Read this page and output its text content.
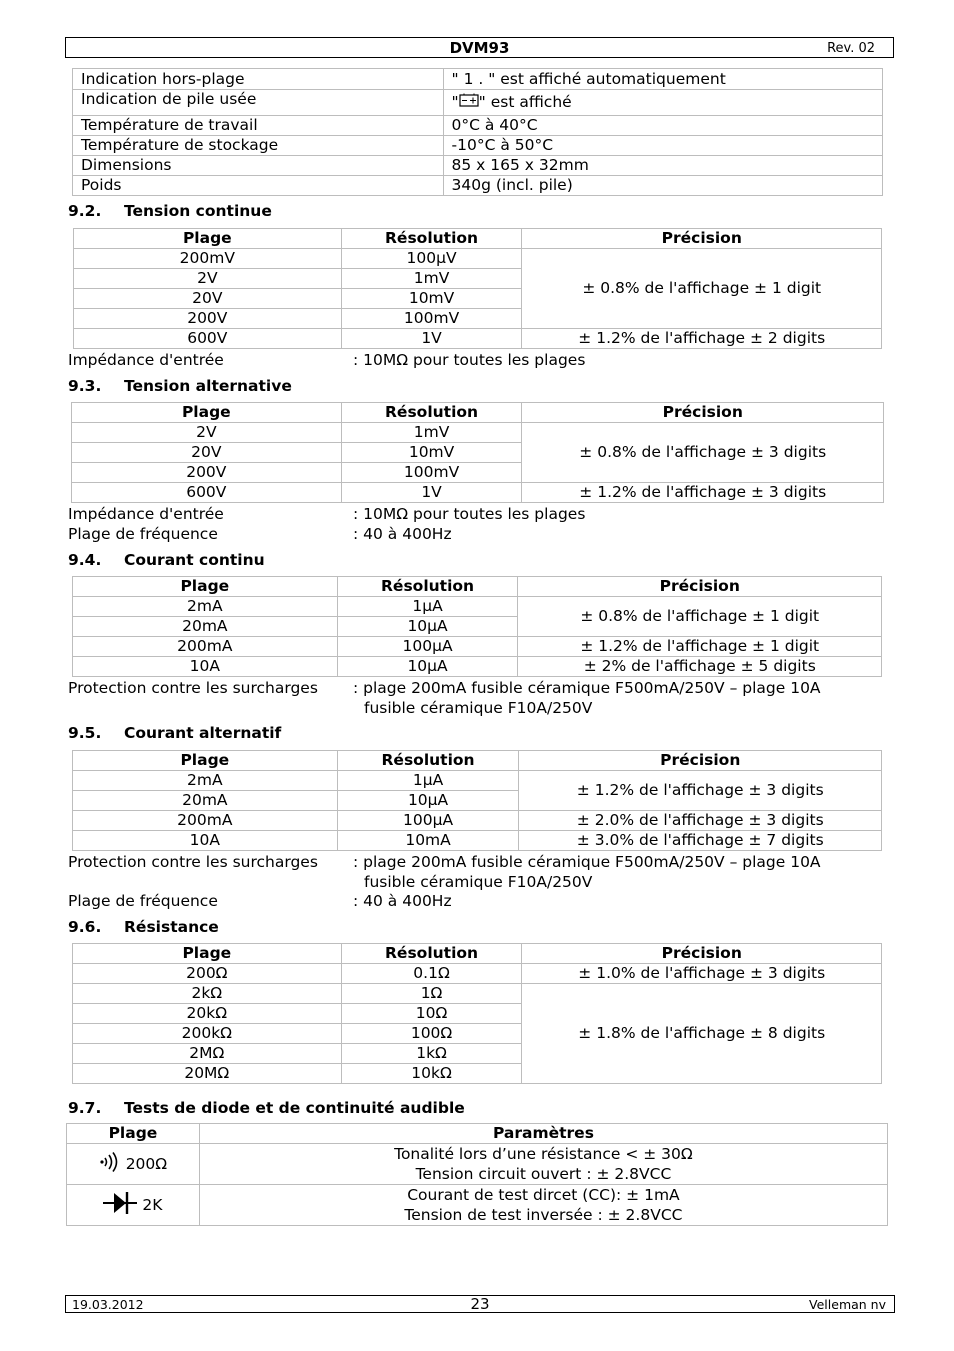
DVM93	Rev. 02
Indication hors-plage	" 1 . " est affiché automatiquement
Indication de pile usée	" " est affiché
Température de travail	0°C à 40°C
Température de stockage	-10°C à 50°C
Dimensions	85 x 165 x 32mm
Poids	340g (incl. pile)
9.2. Tension continue
Plage	Résolution	Précision
200mV	100µV	± 0.8% de l'affichage ± 1 digit
2V	1mV	
20V	10mV	
200V	100mV	
600V	1V	± 1.2% de l'affichage ± 2 digits
Impédance d'entrée	: 10MΩ pour toutes les plages
9.3. Tension alternative
Plage	Résolution	Précision
2V	1mV	± 0.8% de l'affichage ± 3 digits
20V	10mV	
200V	100mV	
600V	1V	± 1.2% de l'affichage ± 3 digits
Impédance d'entrée	: 10MΩ pour toutes les plages
Plage de fréquence	: 40 à 400Hz
9.4. Courant continu
Plage	Résolution	Précision
2mA	1µA	± 0.8% de l'affichage ± 1 digit
20mA	10µA	
200mA	100µA	± 1.2% de l'affichage ± 1 digit
10A	10µA	± 2% de l'affichage ± 5 digits
Protection contre les surcharges : plage 200mA fusible céramique F500mA/250V – plage 10A
fusible céramique F10A/250V
9.5. Courant alternatif
Plage	Résolution	Précision
2mA	1µA	± 1.2% de l'affichage ± 3 digits
20mA	10µA	
200mA	100µA	± 2.0% de l'affichage ± 3 digits
10A	10mA	± 3.0% de l'affichage ± 7 digits
Protection contre les surcharges : plage 200mA fusible céramique F500mA/250V – plage 10A
fusible céramique F10A/250V
Plage de fréquence	: 40 à 400Hz
9.6. Résistance
Plage	Résolution	Précision
200Ω	0.1Ω	± 1.0% de l'affichage ± 3 digits
2kΩ	1Ω	± 1.8% de l'affichage ± 8 digits
20kΩ	10Ω	
200kΩ	100Ω	
2MΩ	1kΩ	
20MΩ	10kΩ	
9.7. Tests de diode et de continuité audible
Plage	Paramètres
200Ω	Tonalité lors d’une résistance < ± 30Ω
Tension circuit ouvert : ± 2.8VCC

2K	Courant de test dircet (CC): ± 1mA
Tension de test inversée : ± 2.8VCC
19.03.2012	23	Velleman nv
